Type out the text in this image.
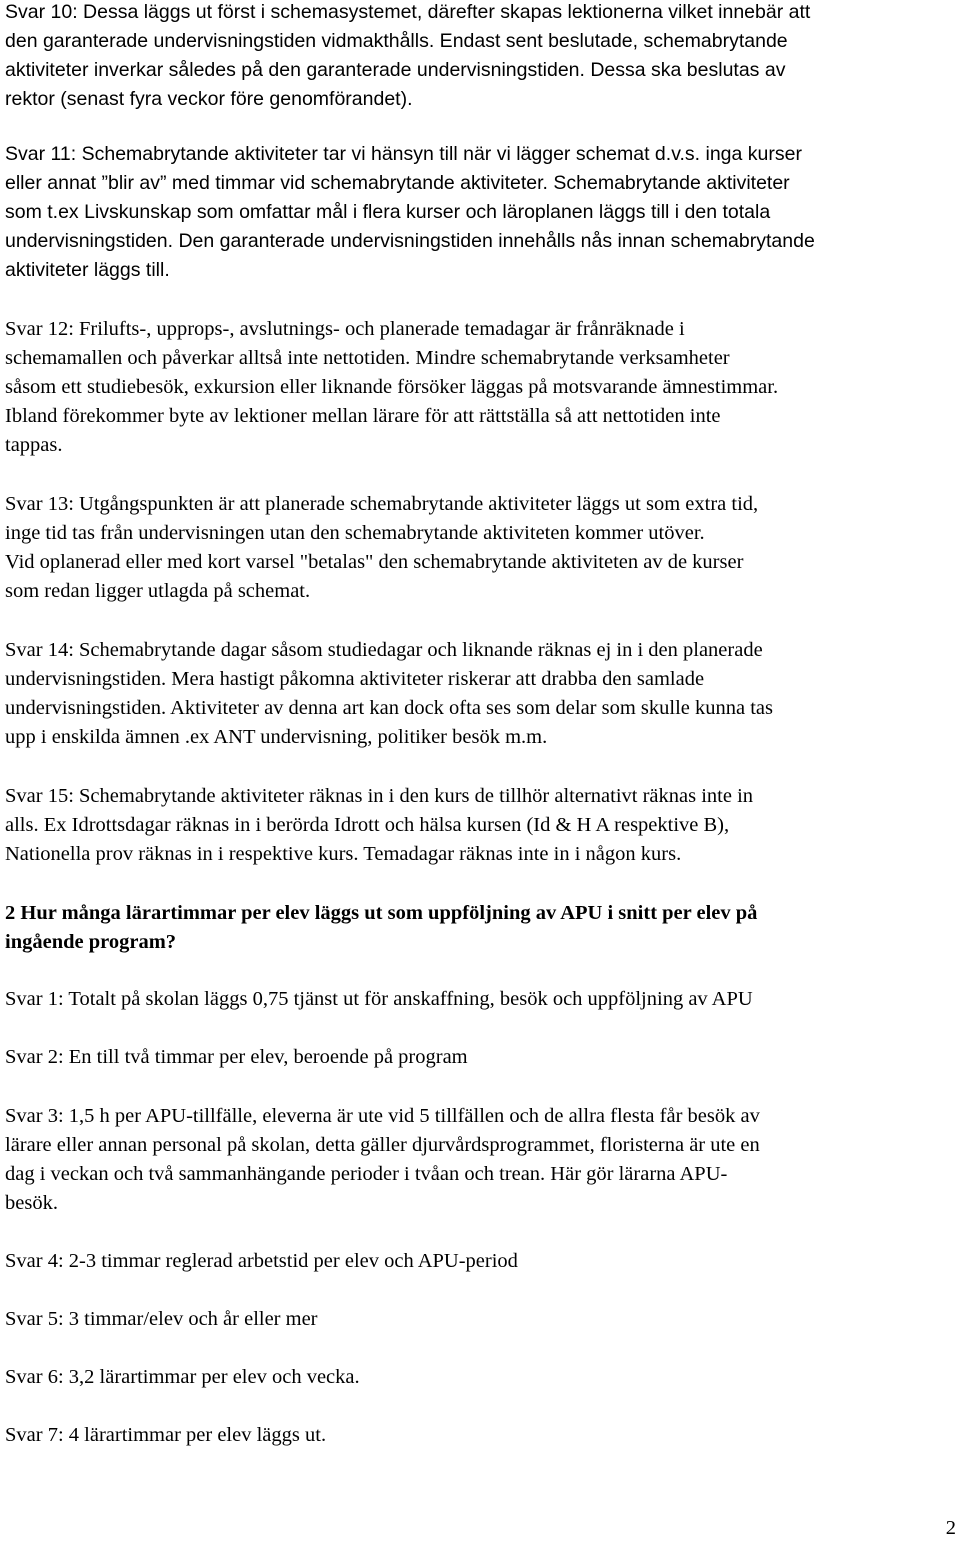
Svar 10: Dessa läggs ut först i schemasystemet, därefter skapas lektionerna vilket innebär att
den garanterade undervisningstiden vidmakthålls. Endast sent beslutade, schemabrytande
aktiviteter inverkar således på den garanterade undervisningstiden. Dessa ska beslutas av
rektor (senast fyra veckor före genomförandet).

Svar 11: Schemabrytande aktiviteter tar vi hänsyn till när vi lägger schemat d.v.s. inga kurser
eller annat ”blir av” med timmar vid schemabrytande aktiviteter. Schemabrytande aktiviteter
som t.ex Livskunskap som omfattar mål i flera kurser och läroplanen läggs till i den totala
undervisningstiden. Den garanterade undervisningstiden innehålls nås innan schemabrytande
aktiviteter läggs till.

Svar 12: Frilufts-, upprops-, avslutnings- och planerade temadagar är frånräknade i
schemamallen och påverkar alltså inte nettotiden. Mindre schemabrytande verksamheter
såsom ett studiebesök, exkursion eller liknande försöker läggas på motsvarande ämnestimmar.
Ibland förekommer byte av lektioner mellan lärare för att rättställa så att nettotiden inte
tappas.

Svar 13: Utgångspunkten är att planerade schemabrytande aktiviteter läggs ut som extra tid,
inge tid tas från undervisningen utan den schemabrytande aktiviteten kommer utöver.
Vid oplanerad eller med kort varsel "betalas" den schemabrytande aktiviteten av de kurser
som redan ligger utlagda på schemat.

Svar 14: Schemabrytande dagar såsom studiedagar och liknande räknas ej in i den planerade
undervisningstiden. Mera hastigt påkomna aktiviteter riskerar att drabba den samlade
undervisningstiden. Aktiviteter av denna art kan dock ofta ses som delar som skulle kunna tas
upp i enskilda ämnen .ex ANT undervisning, politiker besök m.m.

Svar 15: Schemabrytande aktiviteter räknas in i den kurs de tillhör alternativt räknas inte in
alls. Ex Idrottsdagar räknas in i berörda Idrott och hälsa kursen (Id & H A respektive B),
Nationella prov räknas in i respektive kurs. Temadagar räknas inte in i någon kurs.

2 Hur många lärartimmar per elev läggs ut som uppföljning av APU i snitt per elev på
ingående program?

Svar 1: Totalt på skolan läggs 0,75 tjänst ut för anskaffning, besök och uppföljning av APU

Svar 2: En till två timmar per elev, beroende på program

Svar 3: 1,5 h per APU-tillfälle, eleverna är ute vid 5 tillfällen och de allra flesta får besök av
lärare eller annan personal på skolan, detta gäller djurvårdsprogrammet, floristerna är ute en
dag i veckan och två sammanhängande perioder i tvåan och trean. Här gör lärarna APU-
besök.

Svar 4: 2-3 timmar reglerad arbetstid per elev och APU-period

Svar 5: 3 timmar/elev och år eller mer

Svar 6: 3,2 lärartimmar per elev och vecka.

Svar 7: 4 lärartimmar per elev läggs ut.

2
